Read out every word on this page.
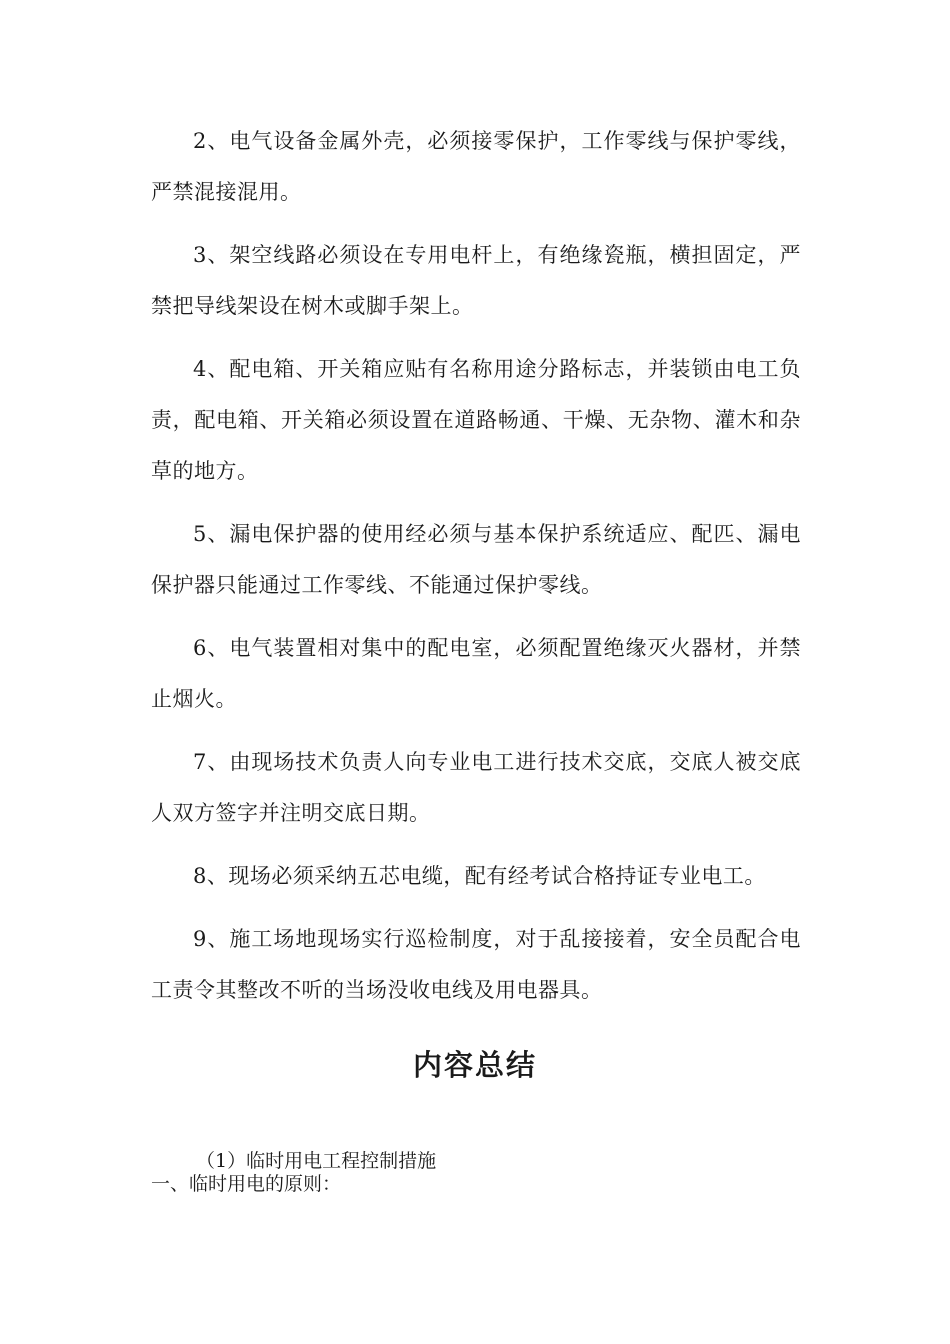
2、电气设备金属外壳，必须接零保护，工作零线与保护零线，严禁混接混用。

3、架空线路必须设在专用电杆上，有绝缘瓷瓶，横担固定，严禁把导线架设在树木或脚手架上。

4、配电箱、开关箱应贴有名称用途分路标志，并装锁由电工负责，配电箱、开关箱必须设置在道路畅通、干燥、无杂物、灌木和杂草的地方。

5、漏电保护器的使用经必须与基本保护系统适应、配匹、漏电保护器只能通过工作零线、不能通过保护零线。

6、电气装置相对集中的配电室，必须配置绝缘灭火器材，并禁止烟火。

7、由现场技术负责人向专业电工进行技术交底，交底人被交底人双方签字并注明交底日期。

8、现场必须采纳五芯电缆，配有经考试合格持证专业电工。

9、施工场地现场实行巡检制度，对于乱接接着，安全员配合电工责令其整改不听的当场没收电线及用电器具。

内容总结

（1）临时用电工程控制措施

一、临时用电的原则：
